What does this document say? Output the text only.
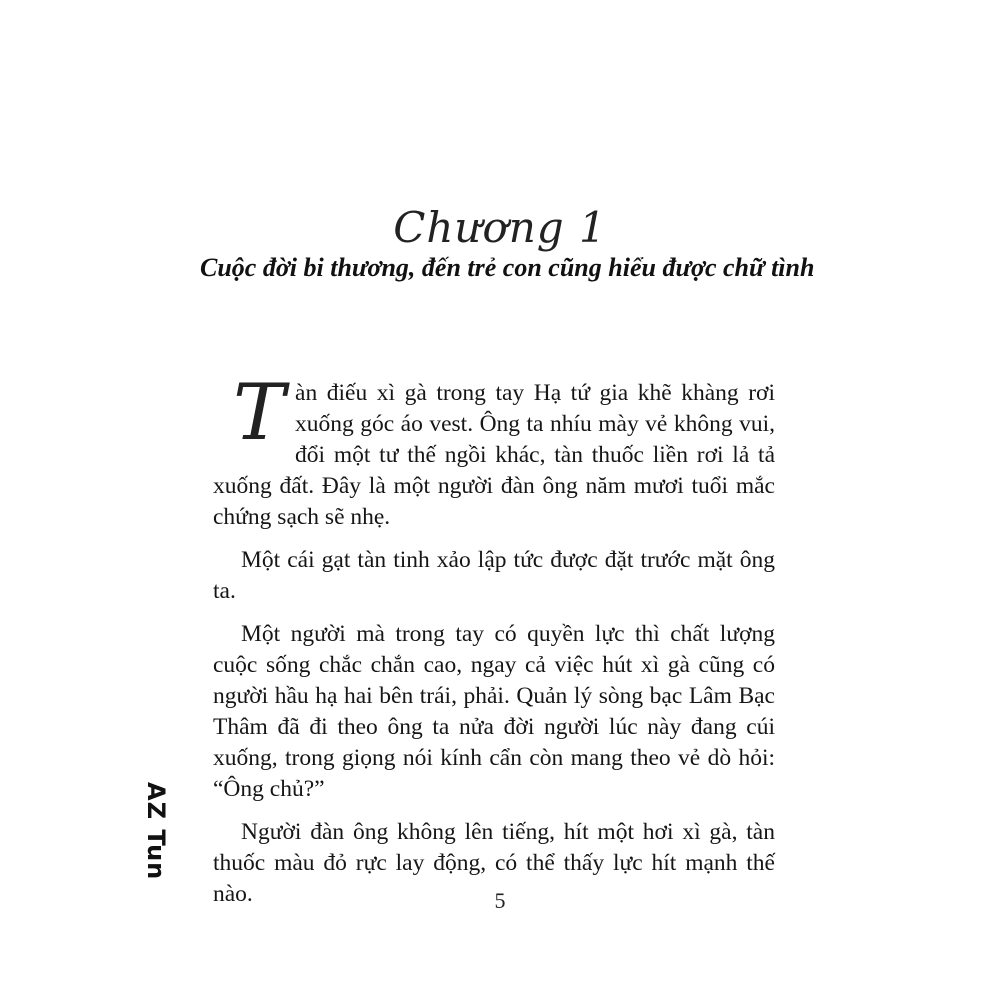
Chương 1
Cuộc đời bi thương, đến trẻ con cũng hiểu được chữ tình

Tàn điếu xì gà trong tay Hạ tứ gia khẽ khàng rơi xuống góc áo vest. Ông ta nhíu mày vẻ không vui, đổi một tư thế ngồi khác, tàn thuốc liền rơi lả tả xuống đất. Đây là một người đàn ông năm mươi tuổi mắc chứng sạch sẽ nhẹ.

Một cái gạt tàn tinh xảo lập tức được đặt trước mặt ông ta.

Một người mà trong tay có quyền lực thì chất lượng cuộc sống chắc chắn cao, ngay cả việc hút xì gà cũng có người hầu hạ hai bên trái, phải. Quản lý sòng bạc Lâm Bạc Thâm đã đi theo ông ta nửa đời người lúc này đang cúi xuống, trong giọng nói kính cẩn còn mang theo vẻ dò hỏi: “Ông chủ?”

Người đàn ông không lên tiếng, hít một hơi xì gà, tàn thuốc màu đỏ rực lay động, có thể thấy lực hít mạnh thế nào.

AZ Tun
5
